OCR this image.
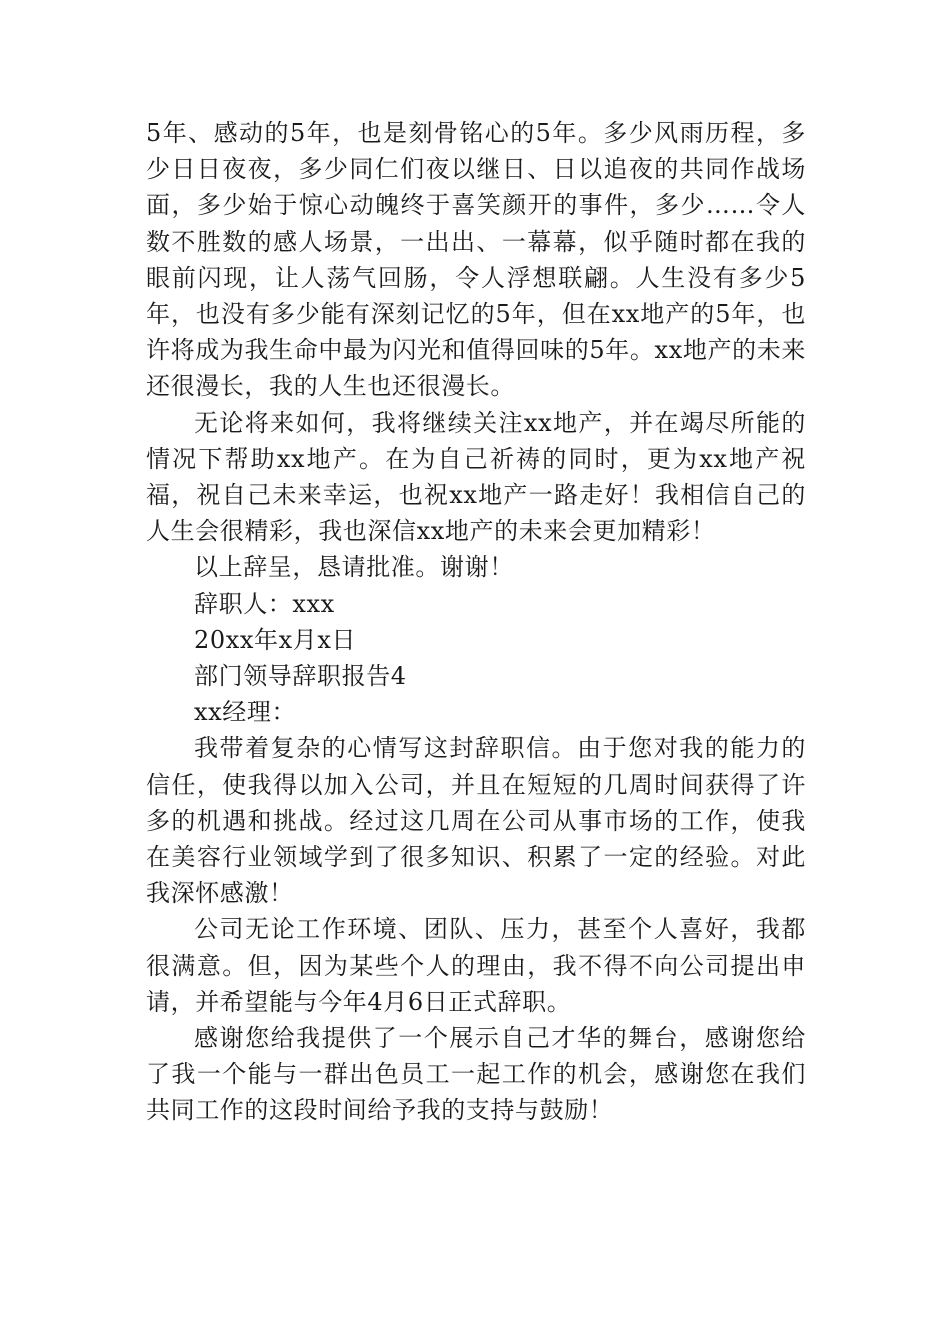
5年、感动的5年，也是刻骨铭心的5年。多少风雨历程，多少日日夜夜，多少同仁们夜以继日、日以追夜的共同作战场面，多少始于惊心动魄终于喜笑颜开的事件，多少……令人数不胜数的感人场景，一出出、一幕幕，似乎随时都在我的眼前闪现，让人荡气回肠，令人浮想联翩。人生没有多少5年，也没有多少能有深刻记忆的5年，但在xx地产的5年，也许将成为我生命中最为闪光和值得回味的5年。xx地产的未来还很漫长，我的人生也还很漫长。

无论将来如何，我将继续关注xx地产，并在竭尽所能的情况下帮助xx地产。在为自己祈祷的同时，更为xx地产祝福，祝自己未来幸运，也祝xx地产一路走好！我相信自己的人生会很精彩，我也深信xx地产的未来会更加精彩！

以上辞呈，恳请批准。谢谢！

辞职人：xxx

20xx年x月x日

部门领导辞职报告4

xx经理：

我带着复杂的心情写这封辞职信。由于您对我的能力的信任，使我得以加入公司，并且在短短的几周时间获得了许多的机遇和挑战。经过这几周在公司从事市场的工作，使我在美容行业领域学到了很多知识、积累了一定的经验。对此我深怀感激！

公司无论工作环境、团队、压力，甚至个人喜好，我都很满意。但，因为某些个人的理由，我不得不向公司提出申请，并希望能与今年4月6日正式辞职。

感谢您给我提供了一个展示自己才华的舞台，感谢您给了我一个能与一群出色员工一起工作的机会，感谢您在我们共同工作的这段时间给予我的支持与鼓励！
